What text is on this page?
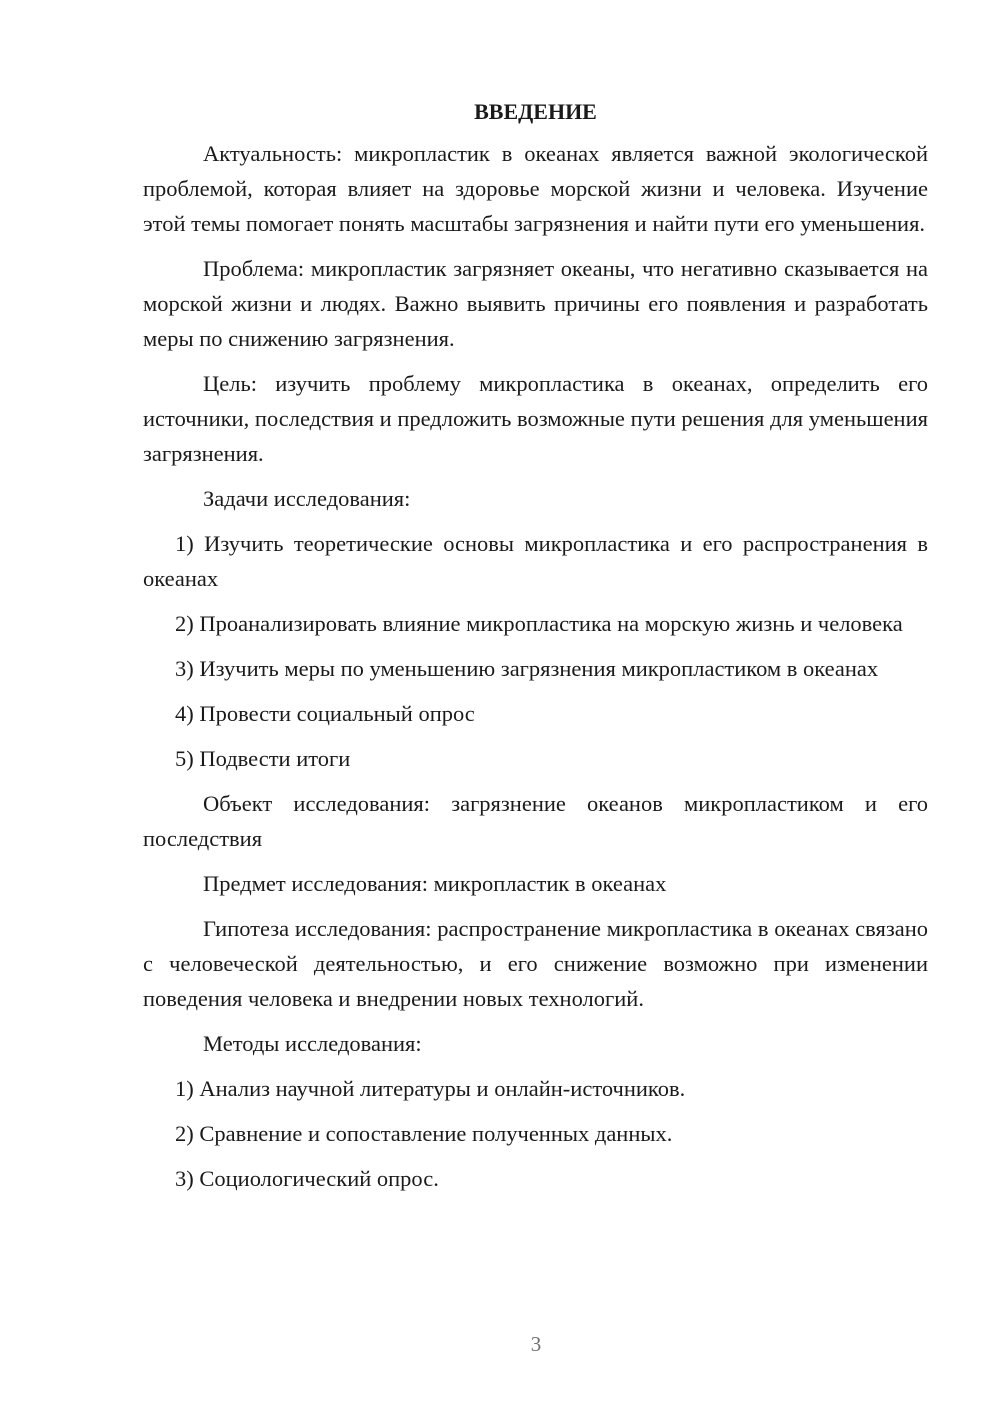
ВВЕДЕНИЕ

Актуальность: микропластик в океанах является важной экологической проблемой, которая влияет на здоровье морской жизни и человека. Изучение этой темы помогает понять масштабы загрязнения и найти пути его уменьшения.

Проблема: микропластик загрязняет океаны, что негативно сказывается на морской жизни и людях. Важно выявить причины его появления и разработать меры по снижению загрязнения.

Цель: изучить проблему микропластика в океанах, определить его источники, последствия и предложить возможные пути решения для уменьшения загрязнения.

Задачи исследования:

1) Изучить теоретические основы микропластика и его распространения в океанах

2) Проанализировать влияние микропластика на морскую жизнь и человека

3) Изучить меры по уменьшению загрязнения микропластиком в океанах

4) Провести социальный опрос

5) Подвести итоги

Объект исследования: загрязнение океанов микропластиком и его последствия

Предмет исследования: микропластик в океанах

Гипотеза исследования: распространение микропластика в океанах связано с человеческой деятельностью, и его снижение возможно при изменении поведения человека и внедрении новых технологий.

Методы исследования:

1) Анализ научной литературы и онлайн-источников.

2) Сравнение и сопоставление полученных данных.

3) Социологический опрос.

3
